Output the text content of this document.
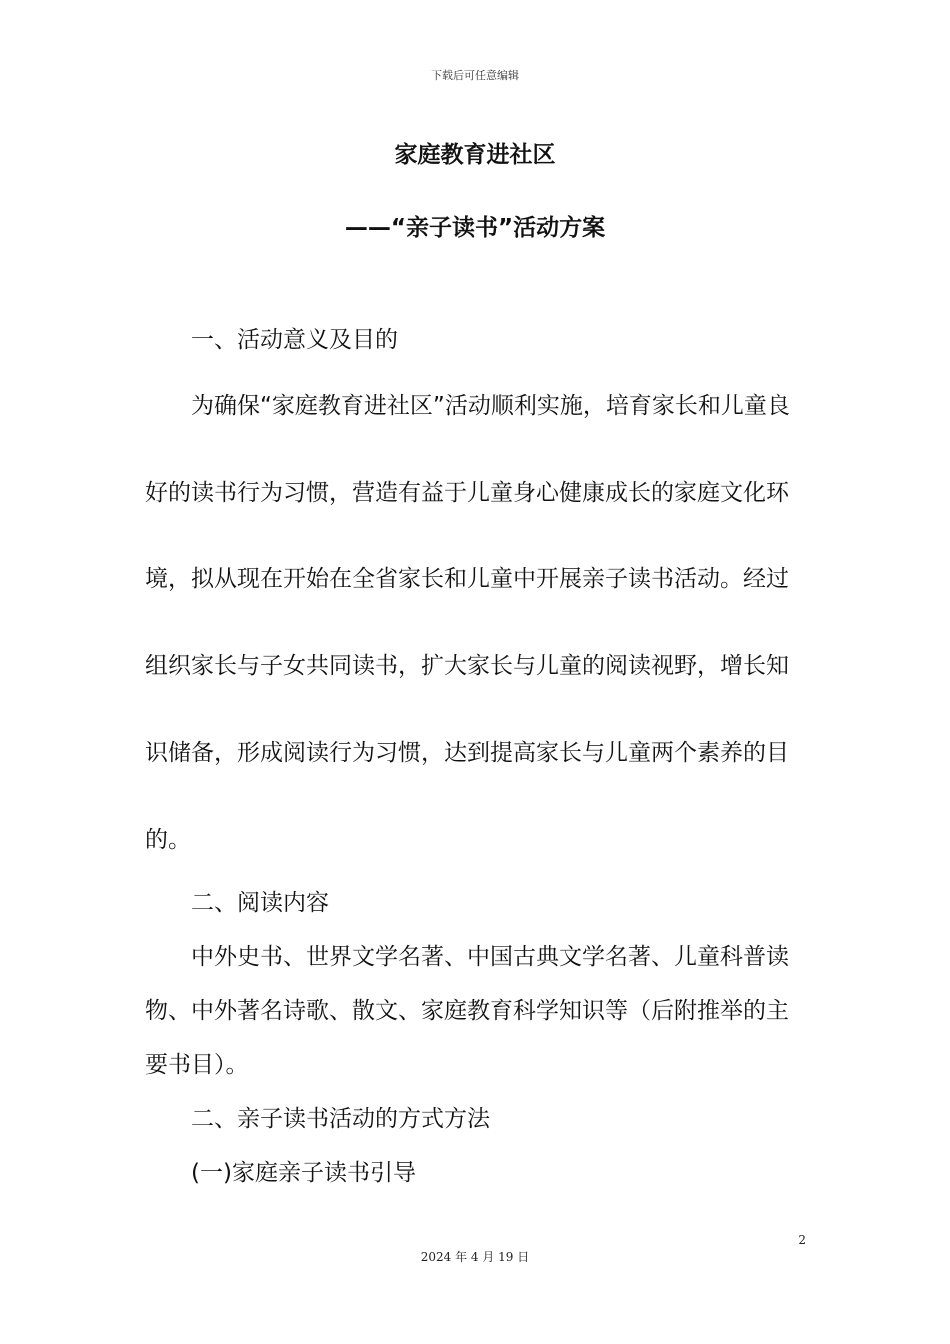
下载后可任意编辑
家庭教育进社区
——“亲子读书”活动方案
一、活动意义及目的
为确保“家庭教育进社区”活动顺利实施，培育家长和儿童良
好的读书行为习惯，营造有益于儿童身心健康成长的家庭文化环
境，拟从现在开始在全省家长和儿童中开展亲子读书活动。经过
组织家长与子女共同读书，扩大家长与儿童的阅读视野，增长知
识储备，形成阅读行为习惯，达到提高家长与儿童两个素养的目
的。
二、阅读内容
中外史书、世界文学名著、中国古典文学名著、儿童科普读
物、中外著名诗歌、散文、家庭教育科学知识等（后附推举的主
要书目）。
二、亲子读书活动的方式方法
(一)家庭亲子读书引导
2
2024 年 4 月 19 日
